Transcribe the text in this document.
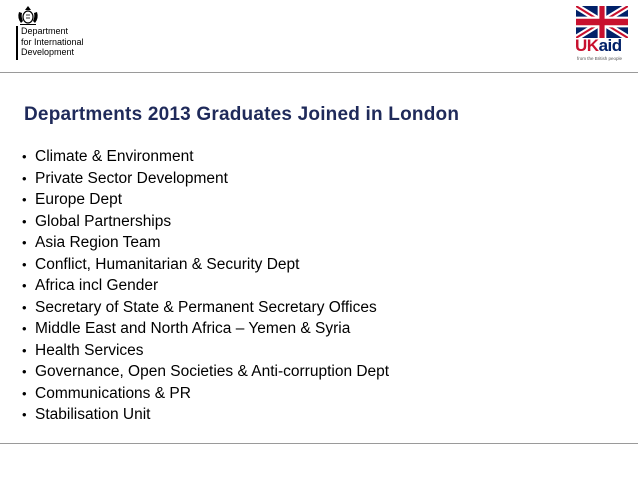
Department
for International
Development	UKaid
from the British people
Departments 2013 Graduates Joined in London
• Climate & Environment
• Private Sector Development
• Europe Dept
• Global Partnerships
• Asia Region Team
• Conflict, Humanitarian & Security Dept
• Africa incl Gender
• Secretary of State & Permanent Secretary Offices
• Middle East and North Africa – Yemen & Syria
• Health Services
• Governance, Open Societies & Anti-corruption Dept
• Communications & PR
• Stabilisation Unit
